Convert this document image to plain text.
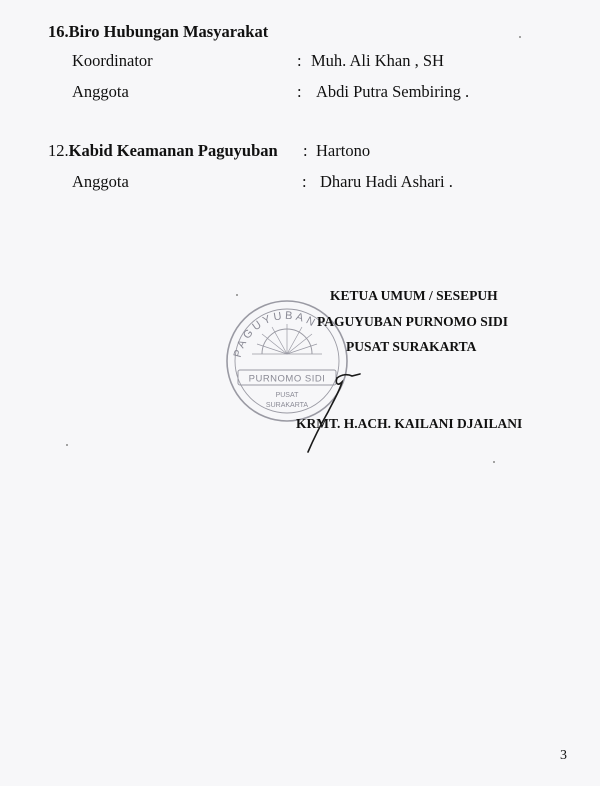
16.Biro Hubungan Masyarakat
Koordinator	: Muh. Ali Khan , SH
Anggota	: Abdi Putra Sembiring .
12.Kabid Keamanan Paguyuban : Hartono
Anggota	: Dharu Hadi Ashari .
PAGUYUBAN
PURNOMO SIDI
PUSAT
SURAKARTA
KETUA UMUM / SESEPUH
PAGUYUBAN PURNOMO SIDI
PUSAT SURAKARTA
KRMT. H.ACH. KAILANI DJAILANI
3
